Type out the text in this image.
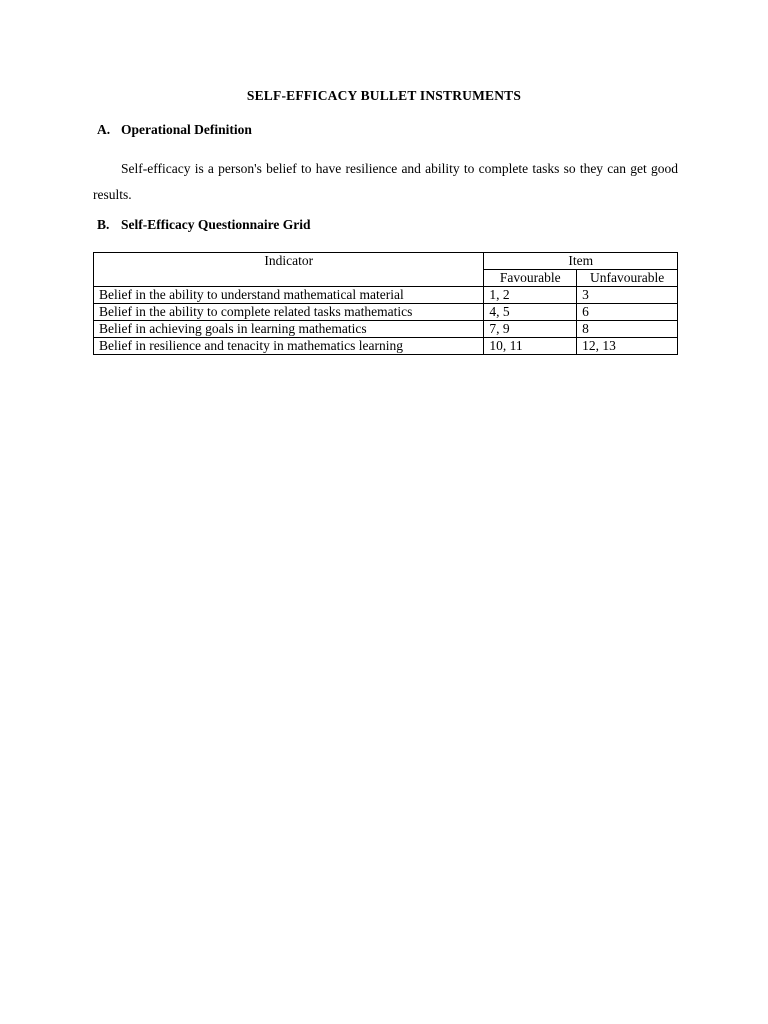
SELF-EFFICACY BULLET INSTRUMENTS
A. Operational Definition
Self-efficacy is a person's belief to have resilience and ability to complete tasks so they can get good results.
B. Self-Efficacy Questionnaire Grid
Indicator	Item	
	Favourable	Unfavourable
Belief in the ability to understand mathematical material	1, 2	3
Belief in the ability to complete related tasks mathematics	4, 5	6
Belief in achieving goals in learning mathematics	7, 9	8
Belief in resilience and tenacity in mathematics learning	10, 11	12, 13
